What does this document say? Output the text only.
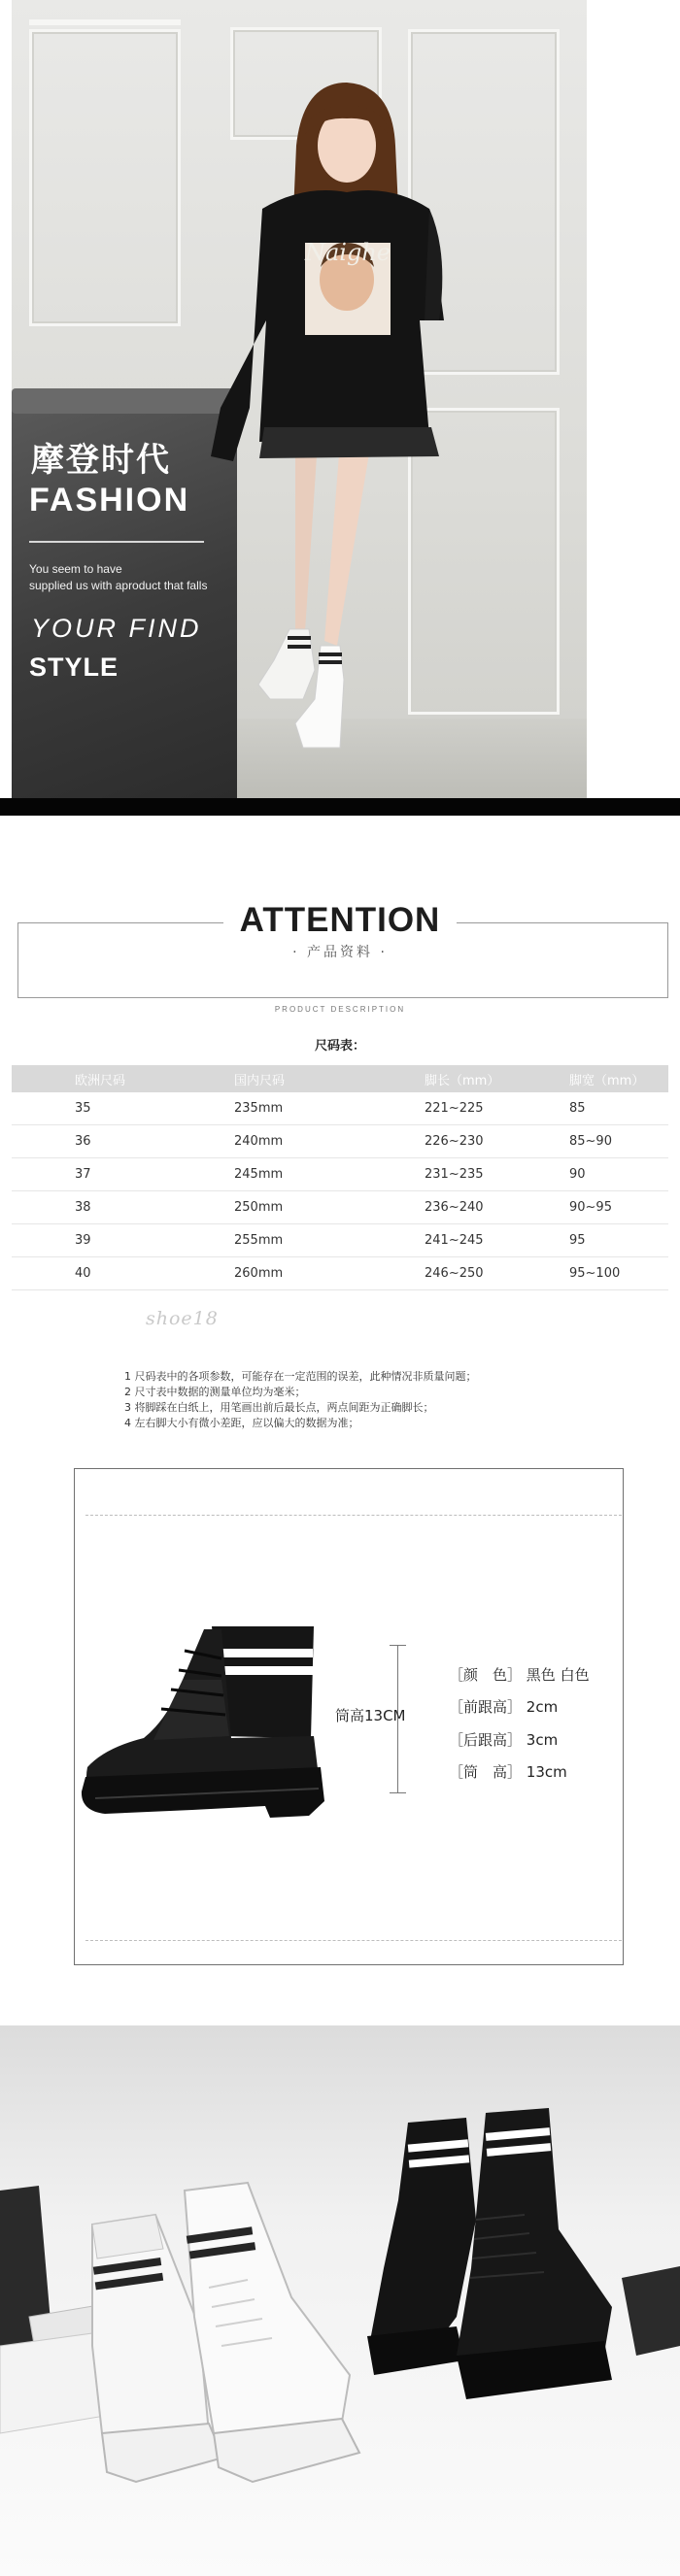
Naighe
摩登时代
FASHION
You seem to have
supplied us with aproduct that falls
YOUR FIND
STYLE
ATTENTION
· 产品资料 ·
PRODUCT DESCRIPTION
尺码表：
欧洲尺码	国内尺码	脚长（mm）	脚宽（mm）
35	235mm	221~225	85
36	240mm	226~230	85~90
37	245mm	231~235	90
38	250mm	236~240	90~95
39	255mm	241~245	95
40	260mm	246~250	95~100
shoe18
1 尺码表中的各项参数，可能存在一定范围的误差，此种情况非质量问题；
2 尺寸表中数据的测量单位均为毫米；
3 将脚踩在白纸上，用笔画出前后最长点，两点间距为正确脚长；
4 左右脚大小有微小差距，应以偏大的数据为准；
筒高13CM
［颜　色］ 黑色 白色
［前跟高］ 2cm
［后跟高］ 3cm
［筒　高］ 13cm
